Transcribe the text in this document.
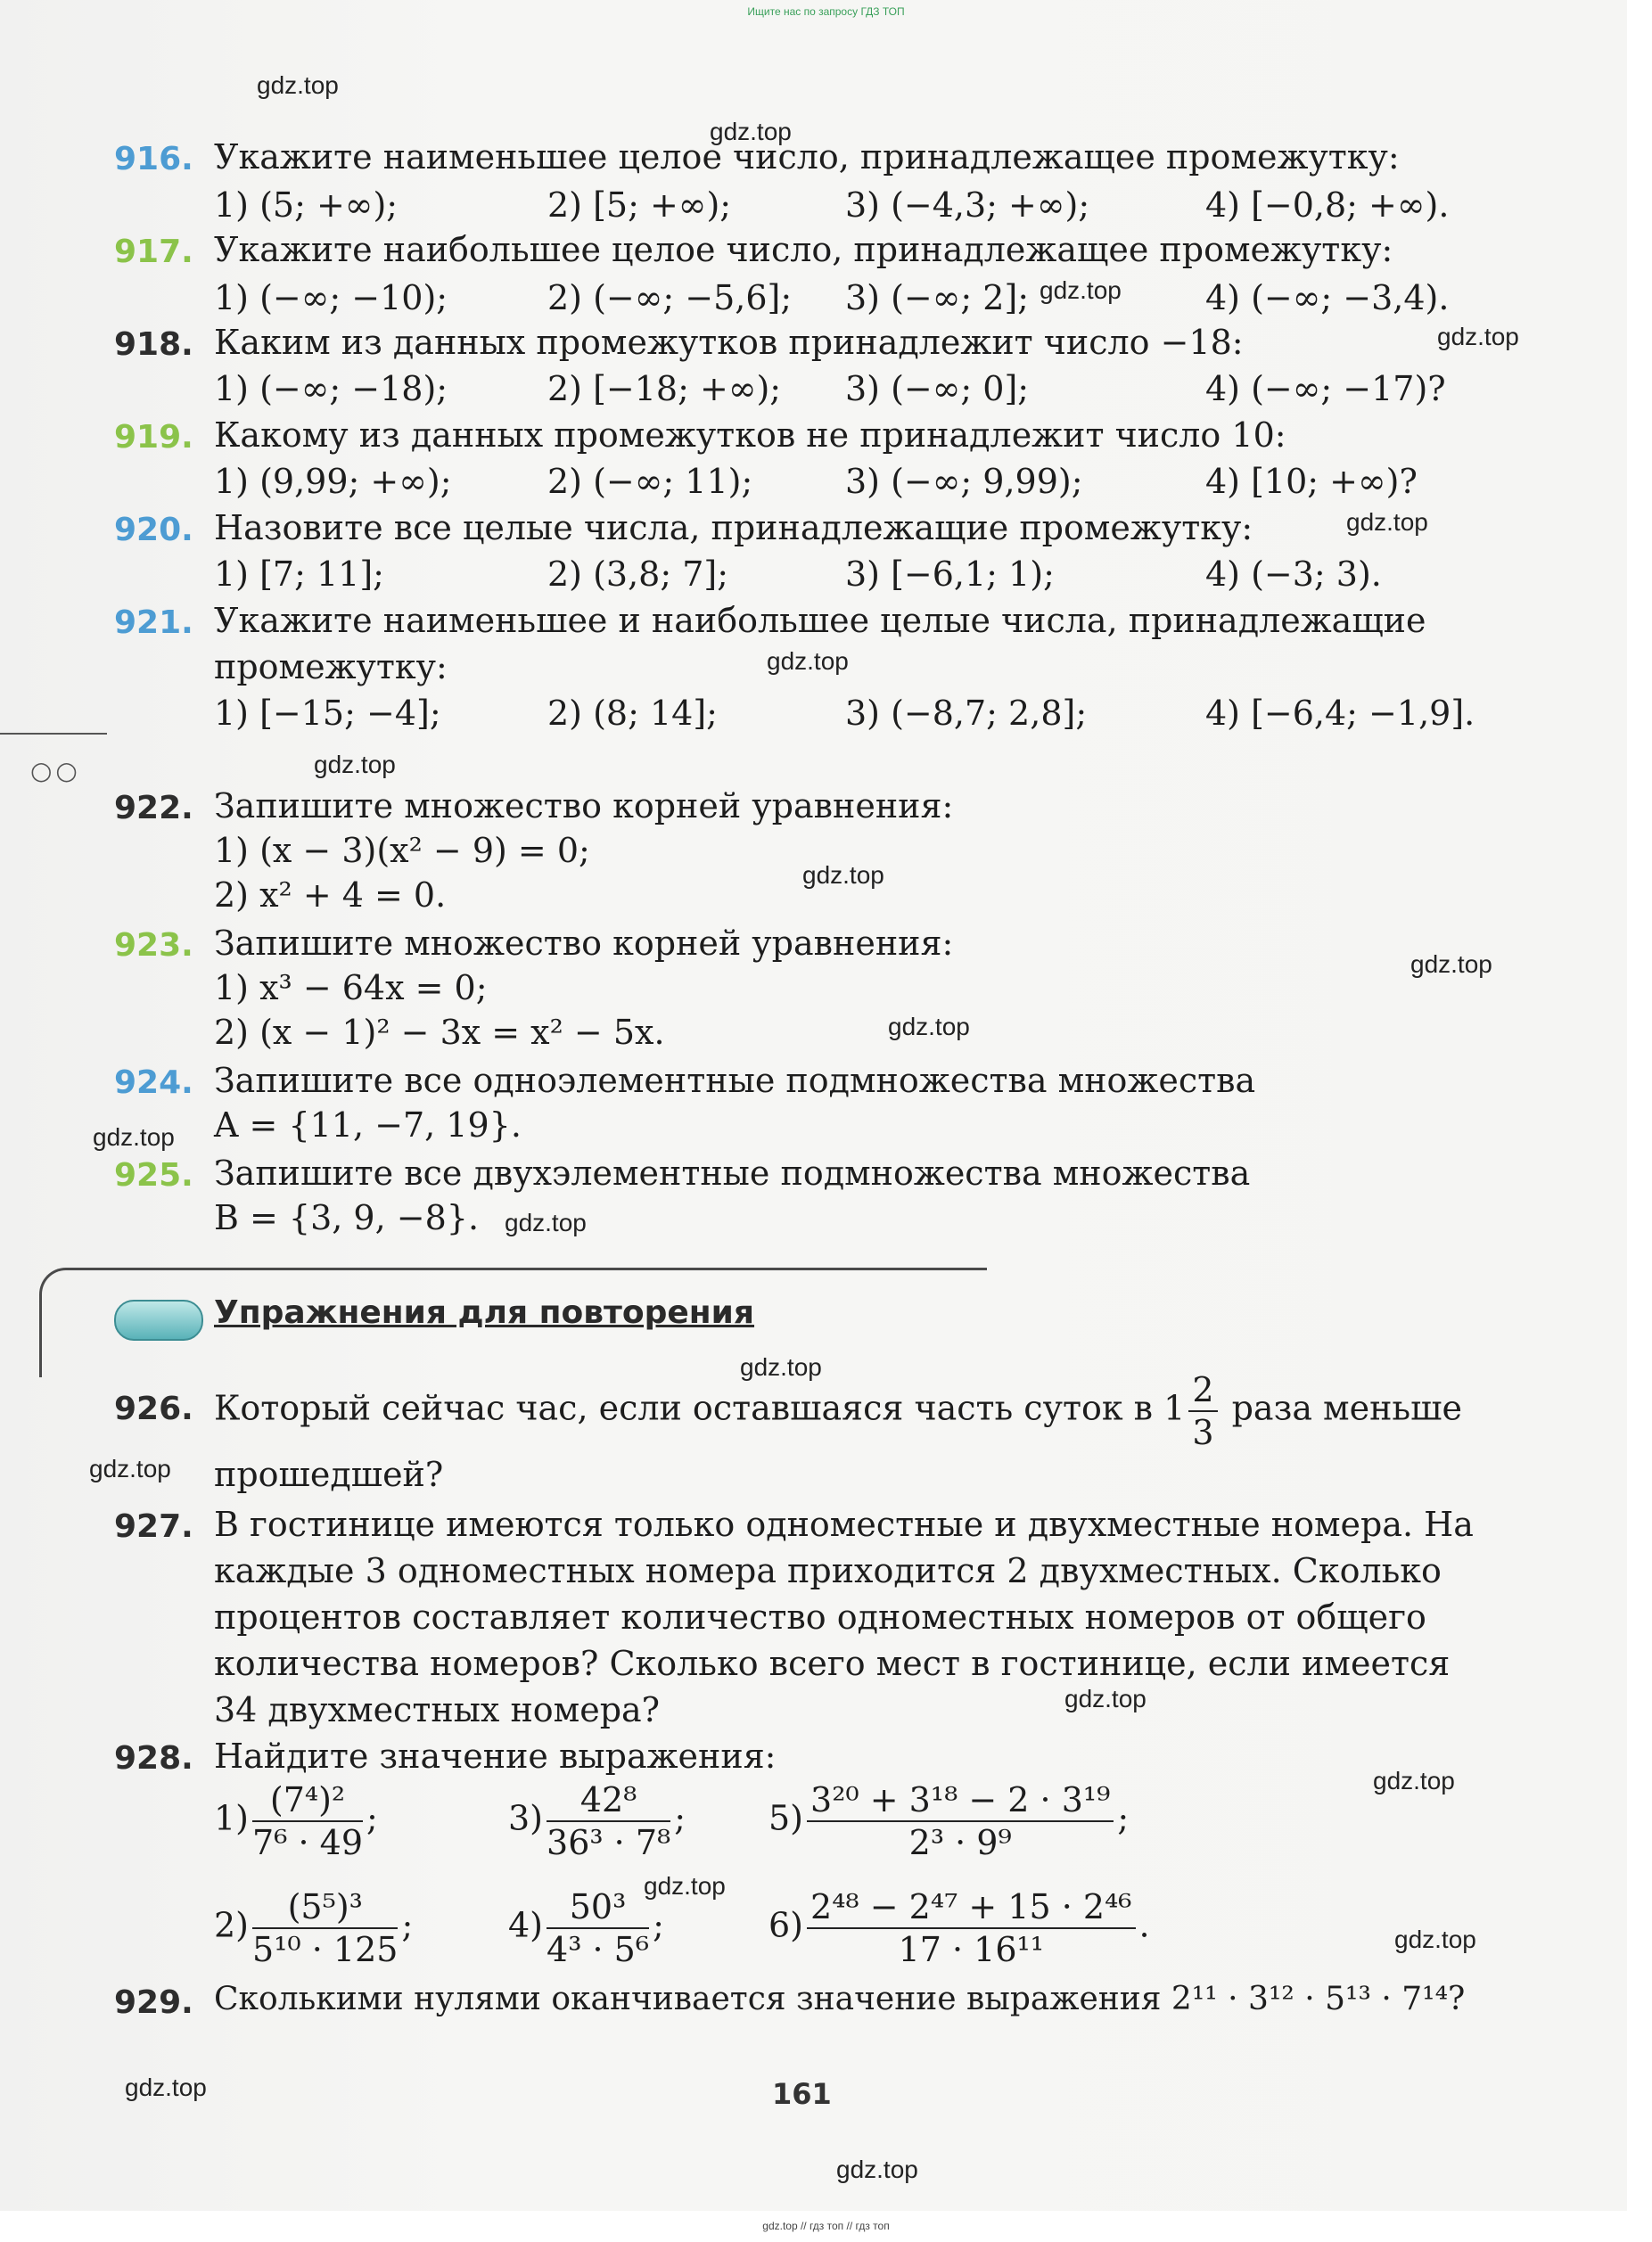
Ищите нас по запросу ГДЗ ТОП
gdz.top
gdz.top
gdz.top
gdz.top
gdz.top
gdz.top
gdz.top
gdz.top
gdz.top
gdz.top
gdz.top
gdz.top
gdz.top
gdz.top
gdz.top
gdz.top
gdz.top
gdz.top
gdz.top
gdz.top
916. Укажите наименьшее целое число, принадлежащее промежутку:
1) (5; +∞);	2) [5; +∞);	3) (−4,3; +∞);	4) [−0,8; +∞).
917. Укажите наибольшее целое число, принадлежащее промежутку:
1) (−∞; −10);	2) (−∞; −5,6]; 3) (−∞; 2];	4) (−∞; −3,4).
918. Каким из данных промежутков принадлежит число −18:
1) (−∞; −18);	2) [−18; +∞); 3) (−∞; 0];	4) (−∞; −17)?
919. Какому из данных промежутков не принадлежит число 10:
1) (9,99; +∞);	2) (−∞; 11);	3) (−∞; 9,99);	4) [10; +∞)?
920. Назовите все целые числа, принадлежащие промежутку:
1) [7; 11];	2) (3,8; 7];	3) [−6,1; 1);	4) (−3; 3).
921. Укажите наименьшее и наибольшее целые числа, принадлежащие
промежутку:
1) [−15; −4];	2) (8; 14];	3) (−8,7; 2,8];	4) [−6,4; −1,9].
○○
922. Запишите множество корней уравнения:
1) (x − 3)(x² − 9) = 0;
2) x² + 4 = 0.
923. Запишите множество корней уравнения:
1) x³ − 64x = 0;
2) (x − 1)² − 3x = x² − 5x.
924. Запишите все одноэлементные подмножества множества
A = {11, −7, 19}.
925. Запишите все двухэлементные подмножества множества
B = {3, 9, −8}.
Упражнения для повторения
926. Который сейчас час, если оставшаяся часть суток в $1 \frac{2}{3}$ раза меньше
прошедшей?
927. В гостинице имеются только одноместные и двухместные номера. На
каждые 3 одноместных номера приходится 2 двухместных. Сколько
процентов составляет количество одноместных номеров от общего
количества номеров? Сколько всего мест в гостинице, если имеется
34 двухместных номера?
928. Найдите значение выражения:
$1) \frac{\text{(7⁴)²}}{\text{7⁶ · 49}}$ ;	$3) \frac{\text{42⁸}}{\text{36³ · 7⁸}}$ ; $5) \frac{\text{3²⁰ + 3¹⁸ − 2 · 3¹⁹}}{\text{2³ · 9⁹}}$ ;
$2) \frac{\text{(5⁵)³}}{\text{5¹⁰ · 125}}$ ;	$4) \frac{\text{50³}}{\text{4³ · 5⁶}}$ ;	$6) \frac{\text{2⁴⁸ − 2⁴⁷ + 15 · 2⁴⁶}}{\text{17 · 16¹¹}}$ .
929. Сколькими нулями оканчивается значение выражения 2¹¹ · 3¹² · 5¹³ · 7¹⁴?
161
gdz.top // гдз топ // гдз топ
